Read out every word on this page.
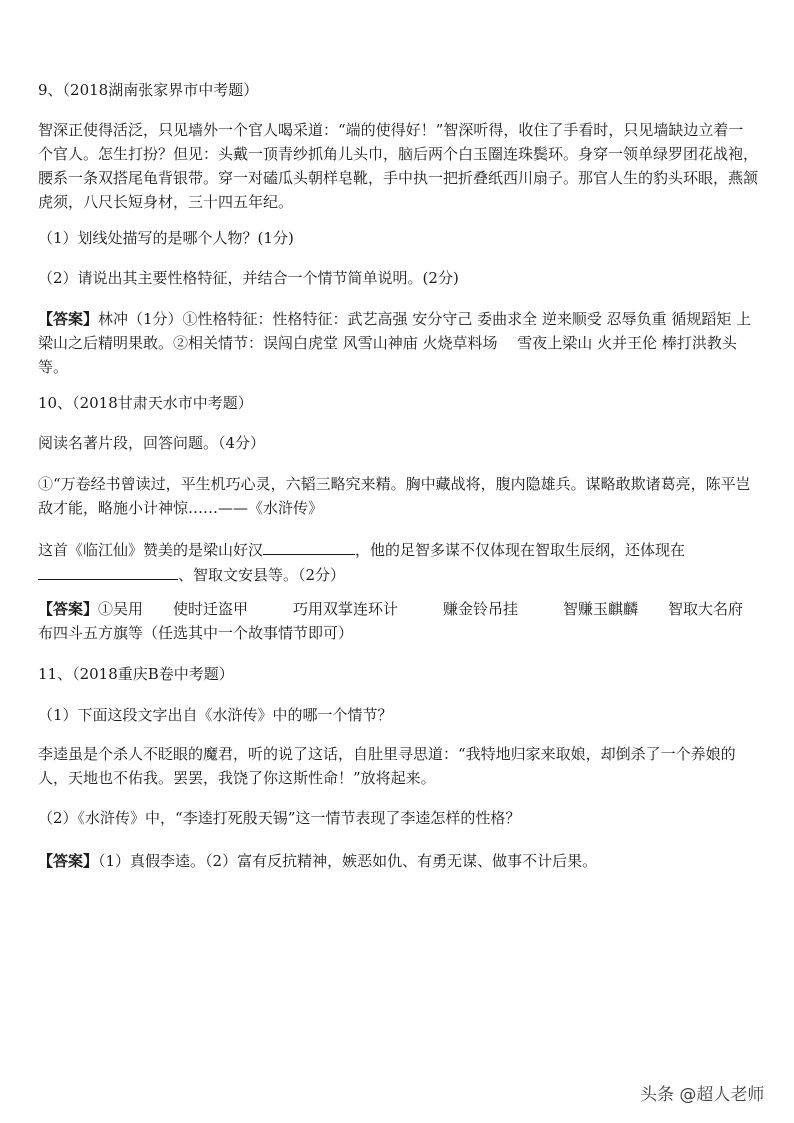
9、（2018湖南张家界市中考题）

智深正使得活泛，只见墙外一个官人喝采道：“端的使得好！”智深听得，收住了手看时，只见墙缺边立着一个官人。怎生打扮？但见：头戴一顶青纱抓角儿头巾，脑后两个白玉圈连珠鬓环。身穿一领单绿罗团花战袍，腰系一条双搭尾龟背银带。穿一对磕瓜头朝样皂靴，手中执一把折叠纸西川扇子。那官人生的豹头环眼，燕颔虎须，八尺长短身材，三十四五年纪。

（1）划线处描写的是哪个人物？(1分)

（2）请说出其主要性格特征，并结合一个情节简单说明。(2分)

【答案】林冲（1分）①性格特征：性格特征：武艺高强 安分守己 委曲求全 逆来顺受 忍辱负重 循规蹈矩 上梁山之后精明果敢。②相关情节：误闯白虎堂 风雪山神庙 火烧草料场　 雪夜上梁山 火并王伦 棒打洪教头等。

10、（2018甘肃天水市中考题）

阅读名著片段，回答问题。（4分）

①“万卷经书曾读过，平生机巧心灵，六韬三略究来精。胸中藏战将，腹内隐雄兵。谋略敢欺诸葛亮，陈平岂敌才能，略施小计神惊……——《水浒传》

这首《临江仙》赞美的是梁山好汉	，他的足智多谋不仅体现在智取生辰纲，还体现在、智取文安县等。（2分）

【答案】①吴用　　使时迁盗甲　　　巧用双掌连环计　　　赚金铃吊挂　　　智赚玉麒麟　　智取大名府　　布四斗五方旗等（任选其中一个故事情节即可）

11、（2018重庆B卷中考题）

（1）下面这段文字出自《水浒传》中的哪一个情节？

李逵虽是个杀人不眨眼的魔君，听的说了这话，自肚里寻思道：“我特地归家来取娘，却倒杀了一个养娘的人，天地也不佑我。罢罢，我饶了你这斯性命！”放将起来。

（2）《水浒传》中，“李逵打死殷天锡”这一情节表现了李逵怎样的性格？

【答案】（1）真假李逵。（2）富有反抗精神，嫉恶如仇、有勇无谋、做事不计后果。

头条 @超人老师
